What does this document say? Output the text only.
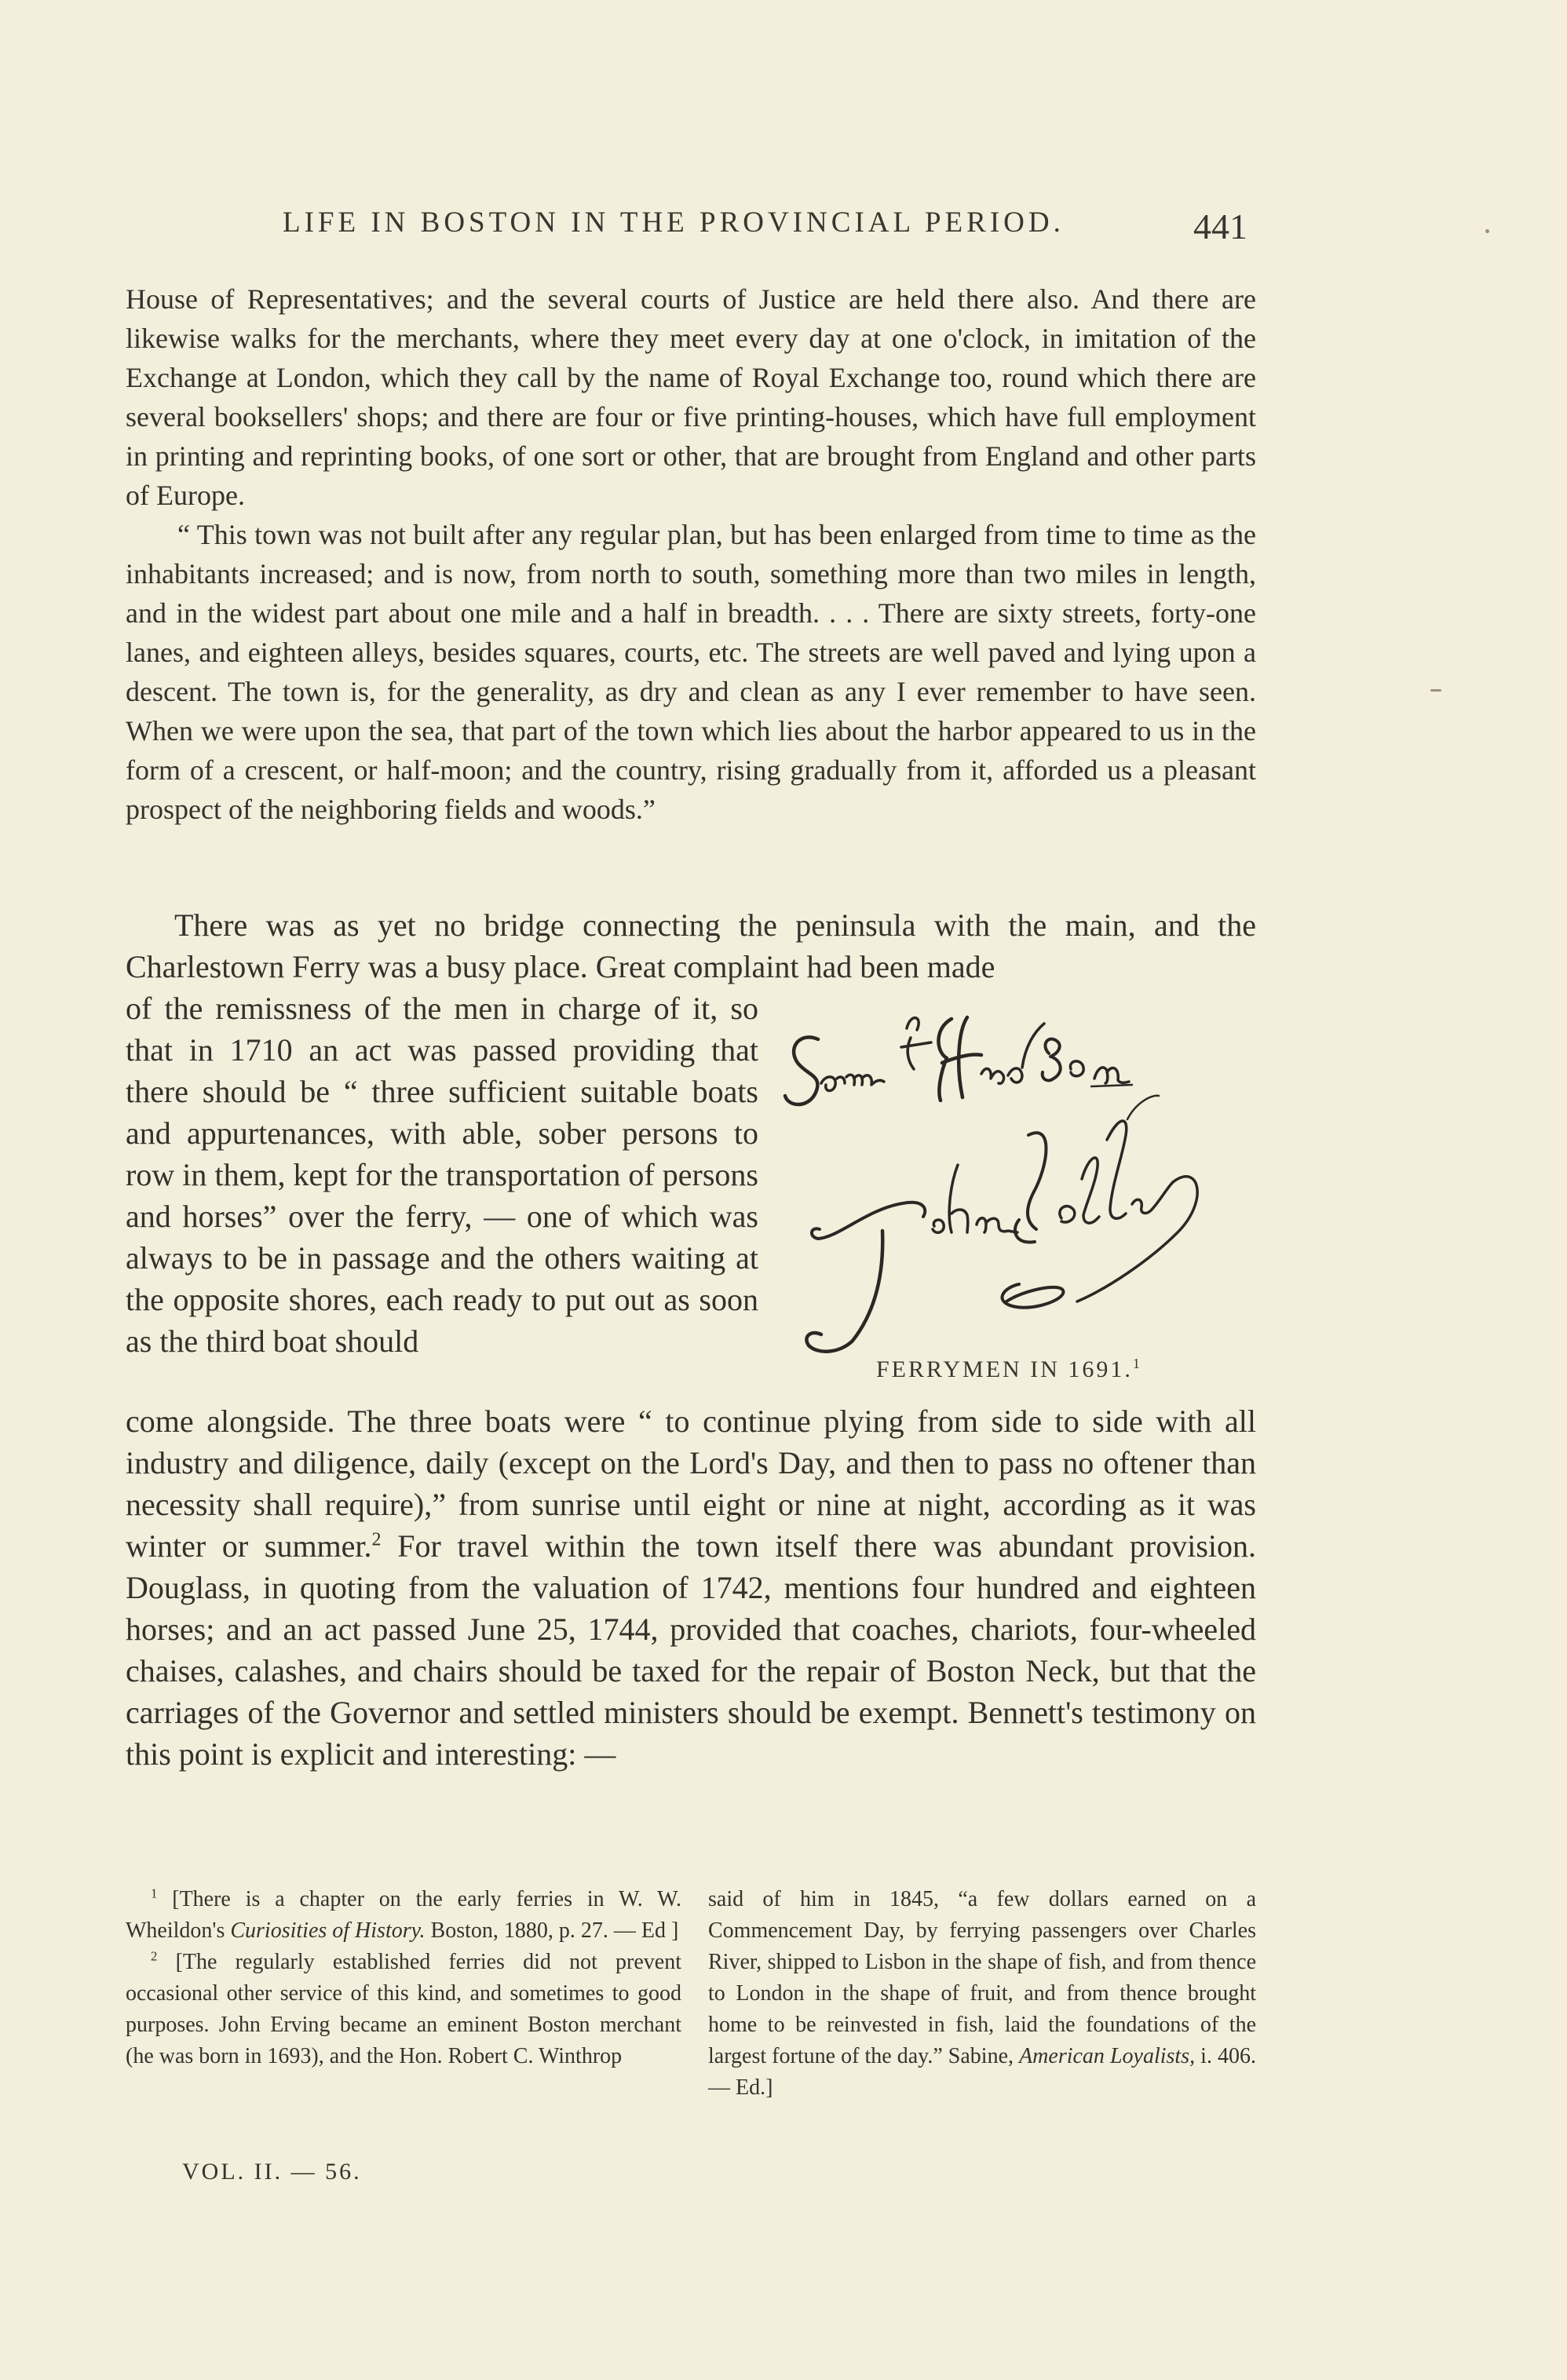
LIFE IN BOSTON IN THE PROVINCIAL PERIOD.	441

House of Representatives; and the several courts of Justice are held there also. And there are likewise walks for the merchants, where they meet every day at one o'clock, in imitation of the Exchange at London, which they call by the name of Royal Exchange too, round which there are several booksellers' shops; and there are four or five printing-houses, which have full employment in printing and reprinting books, of one sort or other, that are brought from England and other parts of Europe.

“ This town was not built after any regular plan, but has been enlarged from time to time as the inhabitants increased; and is now, from north to south, something more than two miles in length, and in the widest part about one mile and a half in breadth. . . . There are sixty streets, forty-one lanes, and eighteen alleys, besides squares, courts, etc. The streets are well paved and lying upon a descent. The town is, for the generality, as dry and clean as any I ever remember to have seen. When we were upon the sea, that part of the town which lies about the harbor appeared to us in the form of a crescent, or half-moon; and the country, rising gradually from it, afforded us a pleasant prospect of the neighboring fields and woods.”

There was as yet no bridge connecting the peninsula with the main, and the Charlestown Ferry was a busy place. Great complaint had been made
of the remissness of the men in charge of it, so that in 1710 an act was passed providing that there should be “ three sufficient suitable boats and appurtenances, with able, sober persons to row in them, kept for the transportation of persons and horses” over the ferry, — one of which was always to be in passage and the others waiting at the opposite shores, each ready to put out as soon as the third boat should
FERRYMEN IN 1691.$^1$
come alongside. The three boats were “ to continue plying from side to side with all industry and diligence, daily (except on the Lord's Day, and then to pass no oftener than necessity shall require),” from sunrise until eight or nine at night, according as it was winter or summer.$^2$ For travel within the town itself there was abundant provision. Douglass, in quoting from the valuation of 1742, mentions four hundred and eighteen horses; and an act passed June 25, 1744, provided that coaches, chariots, four-wheeled chaises, calashes, and chairs should be taxed for the repair of Boston Neck, but that the carriages of the Governor and settled ministers should be exempt. Bennett's testimony on this point is explicit and interesting: —

$^1$ [There is a chapter on the early ferries in W. W. Wheildon's Curiosities of History. Boston, 1880, p. 27. — Ed ]

$^2$ [The regularly established ferries did not prevent occasional other service of this kind, and sometimes to good purposes. John Erving became an eminent Boston merchant (he was born in 1693), and the Hon. Robert C. Winthrop

said of him in 1845, “a few dollars earned on a Commencement Day, by ferrying passengers over Charles River, shipped to Lisbon in the shape of fish, and from thence to London in the shape of fruit, and from thence brought home to be reinvested in fish, laid the foundations of the largest fortune of the day.” Sabine, American Loyalists, i. 406. — Ed.]

VOL. II. — 56.
